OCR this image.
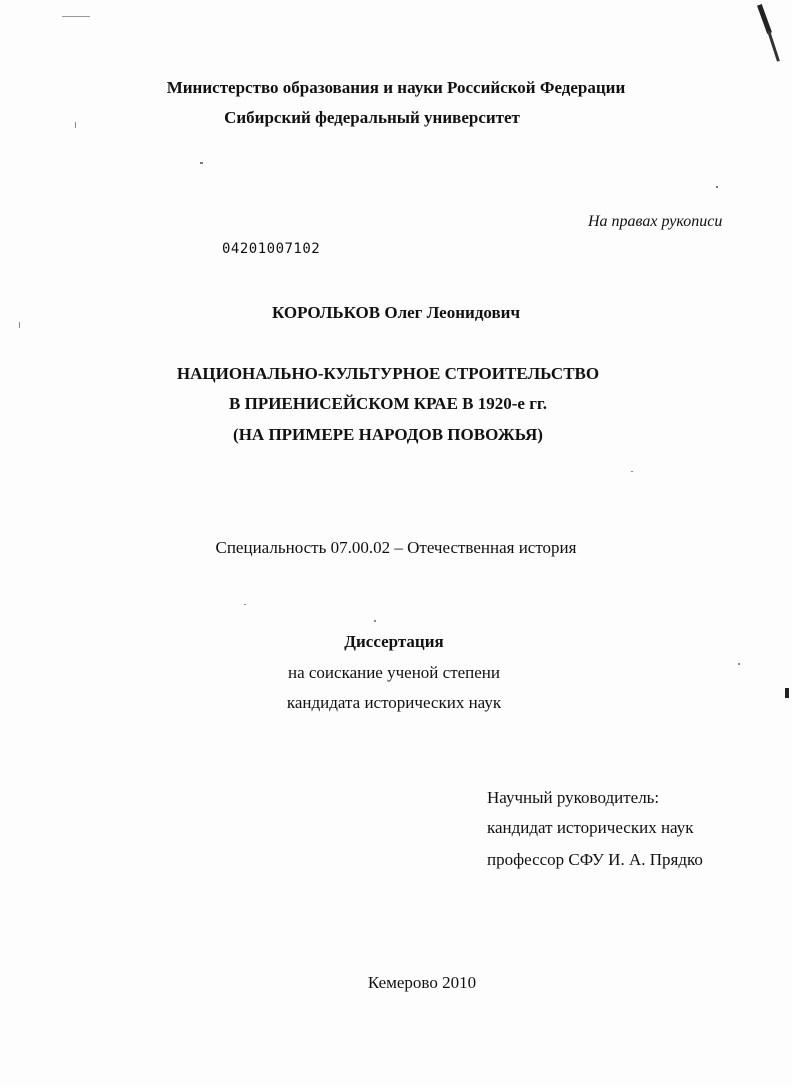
Министерство образования и науки Российской Федерации
Сибирский федеральный университет
На правах рукописи
04201007102
КОРОЛЬКОВ Олег Леонидович
НАЦИОНАЛЬНО-КУЛЬТУРНОЕ СТРОИТЕЛЬСТВО
В ПРИЕНИСЕЙСКОМ КРАЕ В 1920-е гг.
(НА ПРИМЕРЕ НАРОДОВ ПОВОЖЬЯ)
Специальность 07.00.02 – Отечественная история
Диссертация
на соискание ученой степени
кандидата исторических наук
Научный руководитель:
кандидат исторических наук
профессор СФУ И. А. Прядко
Кемерово 2010
